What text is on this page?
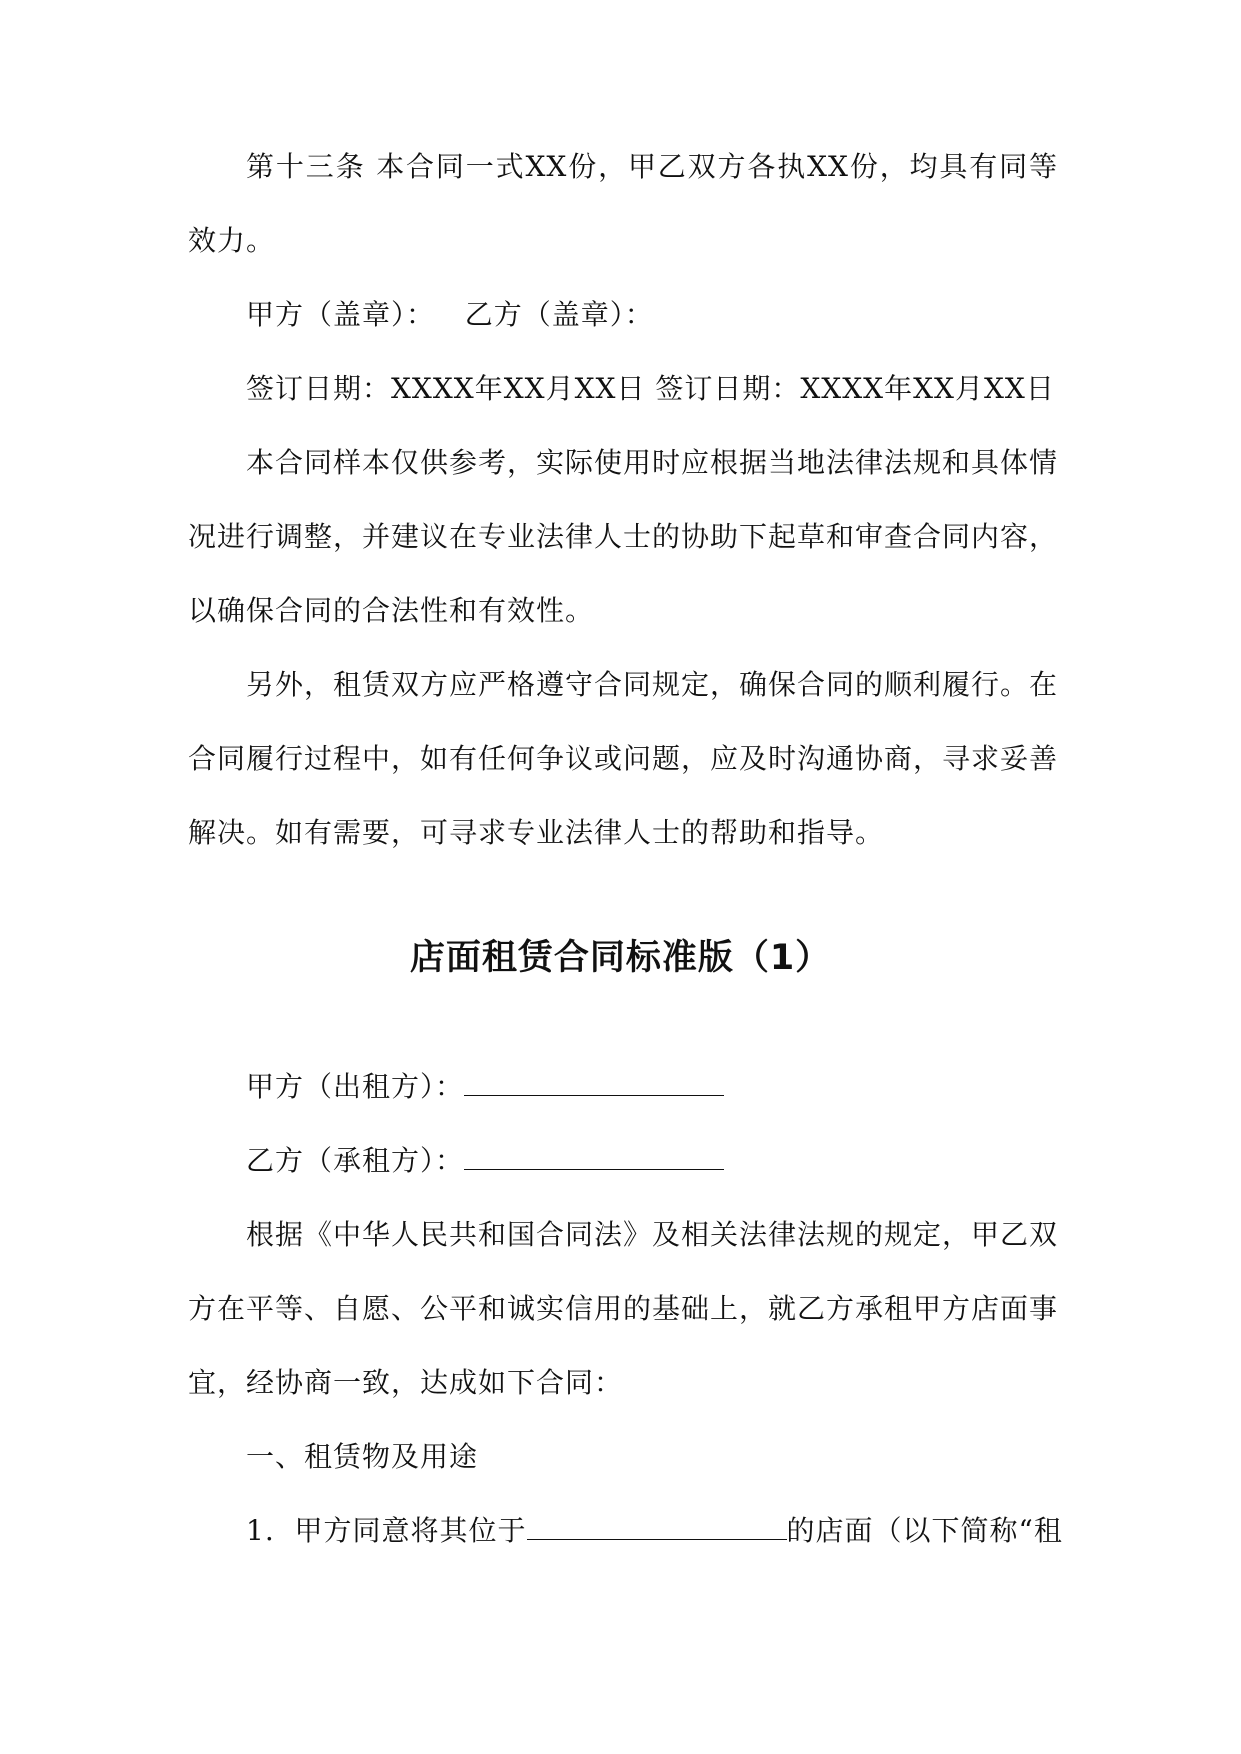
第十三条 本合同一式XX份，甲乙双方各执XX份，均具有同等效力。

甲方（盖章）：   乙方（盖章）：

签订日期：XXXX年XX月XX日 签订日期：XXXX年XX月XX日

本合同样本仅供参考，实际使用时应根据当地法律法规和具体情况进行调整，并建议在专业法律人士的协助下起草和审查合同内容，以确保合同的合法性和有效性。

另外，租赁双方应严格遵守合同规定，确保合同的顺利履行。在合同履行过程中，如有任何争议或问题，应及时沟通协商，寻求妥善解决。如有需要，可寻求专业法律人士的帮助和指导。

店面租赁合同标准版（1）

甲方（出租方）：

乙方（承租方）：

根据《中华人民共和国合同法》及相关法律法规的规定，甲乙双方在平等、自愿、公平和诚实信用的基础上，就乙方承租甲方店面事宜，经协商一致，达成如下合同：

一、租赁物及用途

1.  甲方同意将其位于	的店面（以下简称“租
